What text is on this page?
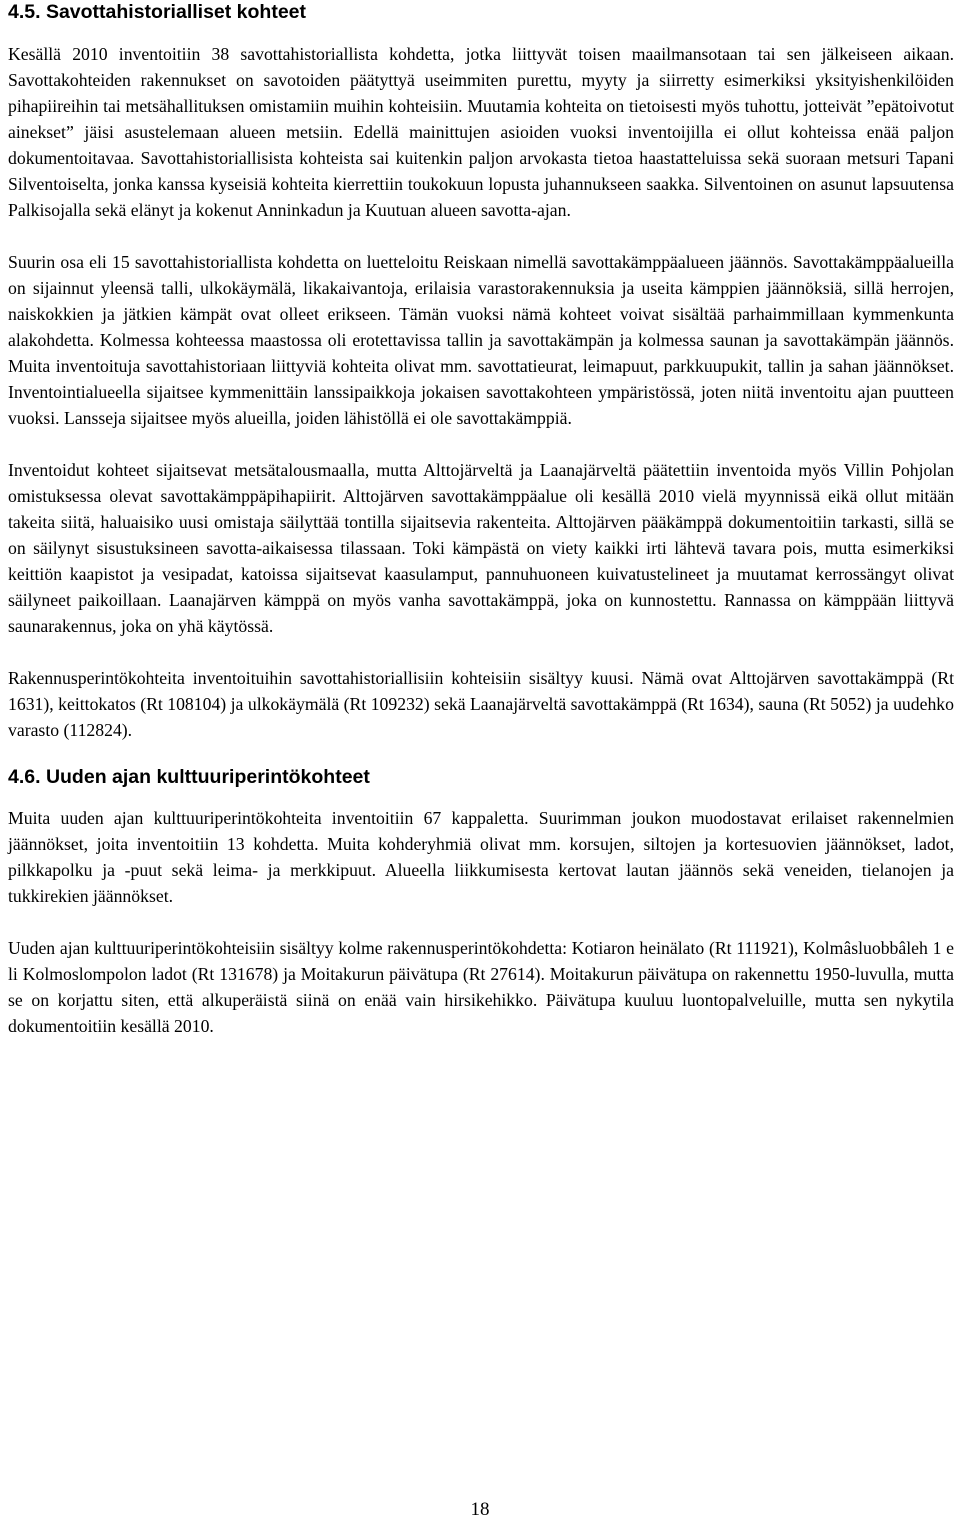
4.5. Savottahistorialliset kohteet

Kesällä 2010 inventoitiin 38 savottahistoriallista kohdetta, jotka liittyvät toisen maailmansotaan tai sen jälkeiseen aikaan. Savottakohteiden rakennukset on savotoiden päätyttyä useimmiten purettu, myyty ja siirretty esimerkiksi yksityishenkilöiden pihapiireihin tai metsähallituksen omistamiin muihin kohteisiin. Muutamia kohteita on tietoisesti myös tuhottu, jotteivät ”epätoivotut ainekset” jäisi asustelemaan alueen metsiin. Edellä mainittujen asioiden vuoksi inventoijilla ei ollut kohteissa enää paljon dokumentoitavaa. Savottahistoriallisista kohteista sai kuitenkin paljon arvokasta tietoa haastatteluissa sekä suoraan metsuri Tapani Silventoiselta, jonka kanssa kyseisiä kohteita kierrettiin toukokuun lopusta juhannukseen saakka. Silventoinen on asunut lapsuutensa Palkisojalla sekä elänyt ja kokenut Anninkadun ja Kuutuan alueen savotta-ajan.

Suurin osa eli 15 savottahistoriallista kohdetta on luetteloitu Reiskaan nimellä savottakämppäalueen jäännös. Savottakämppäalueilla on sijainnut yleensä talli, ulkokäymälä, likakaivantoja, erilaisia varastorakennuksia ja useita kämppien jäännöksiä, sillä herrojen, naiskokkien ja jätkien kämpät ovat olleet erikseen. Tämän vuoksi nämä kohteet voivat sisältää parhaimmillaan kymmenkunta alakohdetta. Kolmessa kohteessa maastossa oli erotettavissa tallin ja savottakämpän ja kolmessa saunan ja savottakämpän jäännös. Muita inventoituja savottahistoriaan liittyviä kohteita olivat mm. savottatieurat, leimapuut, parkkuupukit, tallin ja sahan jäännökset. Inventointialueella sijaitsee kymmenittäin lanssipaikkoja jokaisen savottakohteen ympäristössä, joten niitä inventoitu ajan puutteen vuoksi. Lansseja sijaitsee myös alueilla, joiden lähistöllä ei ole savottakämppiä.

Inventoidut kohteet sijaitsevat metsätalousmaalla, mutta Alttojärveltä ja Laanajärveltä päätettiin inventoida myös Villin Pohjolan omistuksessa olevat savottakämppäpihapiirit. Alttojärven savottakämppäalue oli kesällä 2010 vielä myynnissä eikä ollut mitään takeita siitä, haluaisiko uusi omistaja säilyttää tontilla sijaitsevia rakenteita. Alttojärven pääkämppä dokumentoitiin tarkasti, sillä se on säilynyt sisustuksineen savotta-aikaisessa tilassaan. Toki kämpästä on viety kaikki irti lähtevä tavara pois, mutta esimerkiksi keittiön kaapistot ja vesipadat, katoissa sijaitsevat kaasulamput, pannuhuoneen kuivatustelineet ja muutamat kerrossängyt olivat säilyneet paikoillaan. Laanajärven kämppä on myös vanha savottakämppä, joka on kunnostettu. Rannassa on kämppään liittyvä saunarakennus, joka on yhä käytössä.

Rakennusperintökohteita inventoituihin savottahistoriallisiin kohteisiin sisältyy kuusi. Nämä ovat Alttojärven savottakämppä (Rt 1631), keittokatos (Rt 108104) ja ulkokäymälä (Rt 109232) sekä Laanajärveltä savottakämppä (Rt 1634), sauna (Rt 5052) ja uudehko varasto (112824).

4.6. Uuden ajan kulttuuriperintökohteet

Muita uuden ajan kulttuuriperintökohteita inventoitiin 67 kappaletta. Suurimman joukon muodostavat erilaiset rakennelmien jäännökset, joita inventoitiin 13 kohdetta. Muita kohderyhmiä olivat mm. korsujen, siltojen ja kortesuovien jäännökset, ladot, pilkkapolku ja -puut sekä leima- ja merkkipuut. Alueella liikkumisesta kertovat lautan jäännös sekä veneiden, tielanojen ja tukkirekien jäännökset.

Uuden ajan kulttuuriperintökohteisiin sisältyy kolme rakennusperintökohdetta: Kotiaron heinälato (Rt 111921), Kolmâsluobbâleh 1 e li Kolmoslompolon ladot (Rt 131678) ja Moitakurun päivätupa (Rt 27614). Moitakurun päivätupa on rakennettu 1950-luvulla, mutta se on korjattu siten, että alkuperäistä siinä on enää vain hirsikehikko. Päivätupa kuuluu luontopalveluille, mutta sen nykytila dokumentoitiin kesällä 2010.

18
